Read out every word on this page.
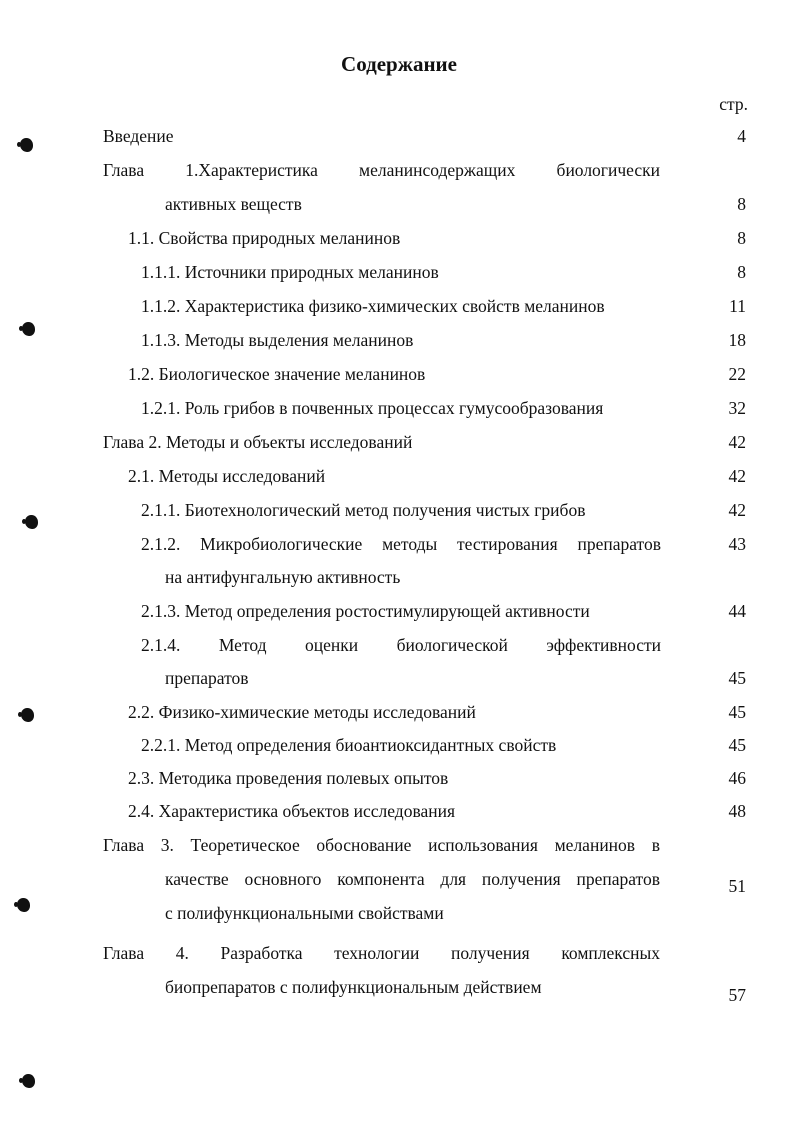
Содержание
стр.
Введение	4
Глава 1.Характеристика меланинсодержащих биологически
активных веществ	8
1.1. Свойства природных меланинов	8
1.1.1. Источники природных меланинов	8
1.1.2. Характеристика физико-химических свойств меланинов	11
1.1.3. Методы выделения меланинов	18
1.2. Биологическое значение меланинов	22
1.2.1. Роль грибов в почвенных процессах гумусообразования	32
Глава 2. Методы и объекты исследований	42
2.1. Методы исследований	42
2.1.1. Биотехнологический метод получения чистых грибов	42
2.1.2. Микробиологические методы тестирования препаратов	43
на антифунгальную активность
2.1.3. Метод определения ростостимулирующей активности	44
2.1.4. Метод оценки биологической эффективности
препаратов	45
2.2. Физико-химические методы исследований	45
2.2.1. Метод определения биоантиоксидантных свойств	45
2.3. Методика проведения полевых опытов	46
2.4. Характеристика объектов исследования	48
Глава 3. Теоретическое обоснование использования меланинов в
качестве основного компонента для получения препаратов
с полифункциональными свойствами
51
Глава 4. Разработка технологии получения комплексных
биопрепаратов с полифункциональным действием	57
